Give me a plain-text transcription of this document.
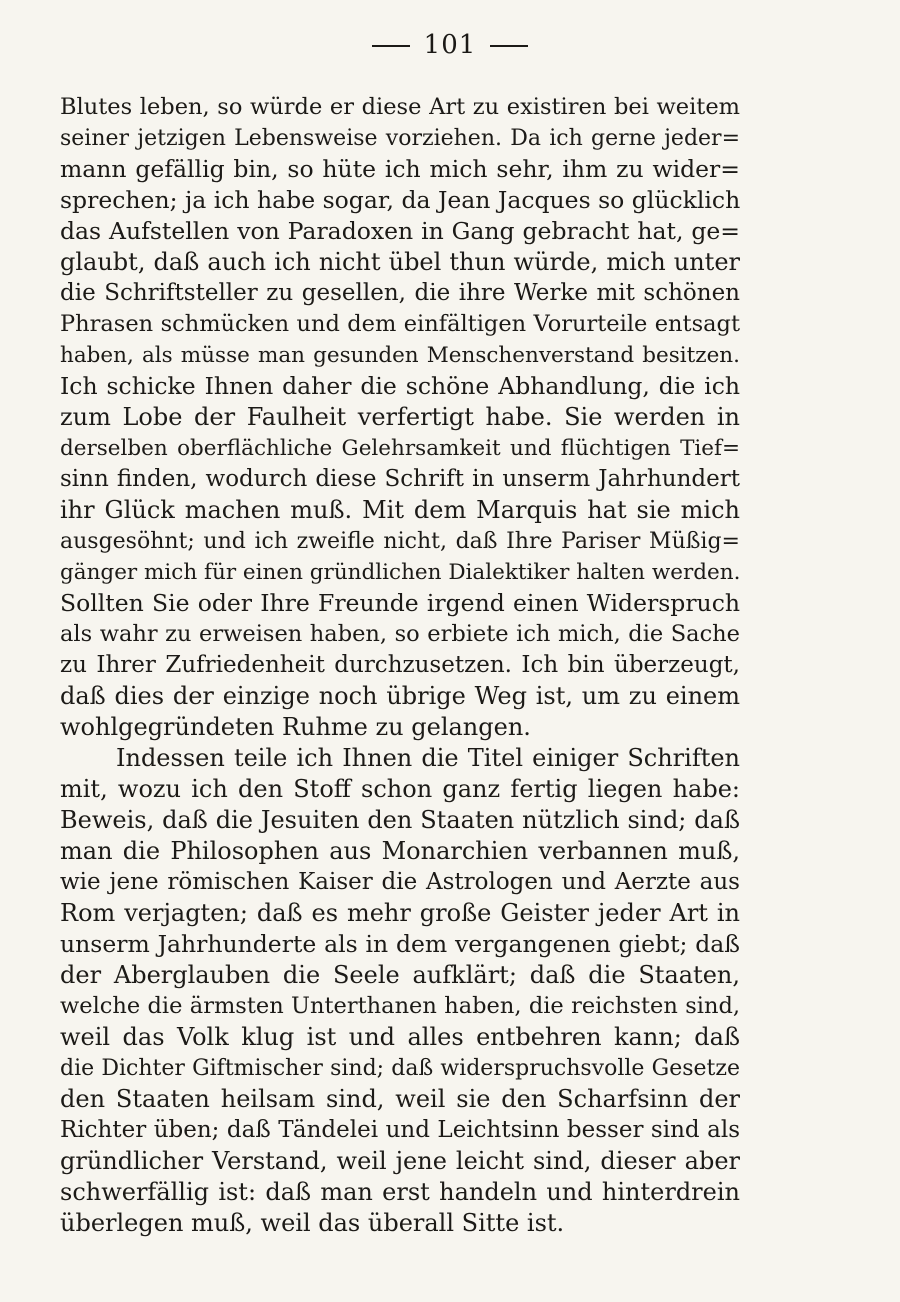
101
Blutes leben, so würde er diese Art zu existiren bei weitem
seiner jetzigen Lebensweise vorziehen. Da ich gerne jeder=
mann gefällig bin, so hüte ich mich sehr, ihm zu wider=
sprechen; ja ich habe sogar, da Jean Jacques so glücklich
das Aufstellen von Paradoxen in Gang gebracht hat, ge=
glaubt, daß auch ich nicht übel thun würde, mich unter
die Schriftsteller zu gesellen, die ihre Werke mit schönen
Phrasen schmücken und dem einfältigen Vorurteile entsagt
haben, als müsse man gesunden Menschenverstand besitzen.
Ich schicke Ihnen daher die schöne Abhandlung, die ich
zum Lobe der Faulheit verfertigt habe. Sie werden in
derselben oberflächliche Gelehrsamkeit und flüchtigen Tief=
sinn finden, wodurch diese Schrift in unserm Jahrhundert
ihr Glück machen muß. Mit dem Marquis hat sie mich
ausgesöhnt; und ich zweifle nicht, daß Ihre Pariser Müßig=
gänger mich für einen gründlichen Dialektiker halten werden.
Sollten Sie oder Ihre Freunde irgend einen Widerspruch
als wahr zu erweisen haben, so erbiete ich mich, die Sache
zu Ihrer Zufriedenheit durchzusetzen. Ich bin überzeugt,
daß dies der einzige noch übrige Weg ist, um zu einem
wohlgegründeten Ruhme zu gelangen.
Indessen teile ich Ihnen die Titel einiger Schriften
mit, wozu ich den Stoff schon ganz fertig liegen habe:
Beweis, daß die Jesuiten den Staaten nützlich sind; daß
man die Philosophen aus Monarchien verbannen muß,
wie jene römischen Kaiser die Astrologen und Aerzte aus
Rom verjagten; daß es mehr große Geister jeder Art in
unserm Jahrhunderte als in dem vergangenen giebt; daß
der Aberglauben die Seele aufklärt; daß die Staaten,
welche die ärmsten Unterthanen haben, die reichsten sind,
weil das Volk klug ist und alles entbehren kann; daß
die Dichter Giftmischer sind; daß widerspruchsvolle Gesetze
den Staaten heilsam sind, weil sie den Scharfsinn der
Richter üben; daß Tändelei und Leichtsinn besser sind als
gründlicher Verstand, weil jene leicht sind, dieser aber
schwerfällig ist: daß man erst handeln und hinterdrein
überlegen muß, weil das überall Sitte ist.
